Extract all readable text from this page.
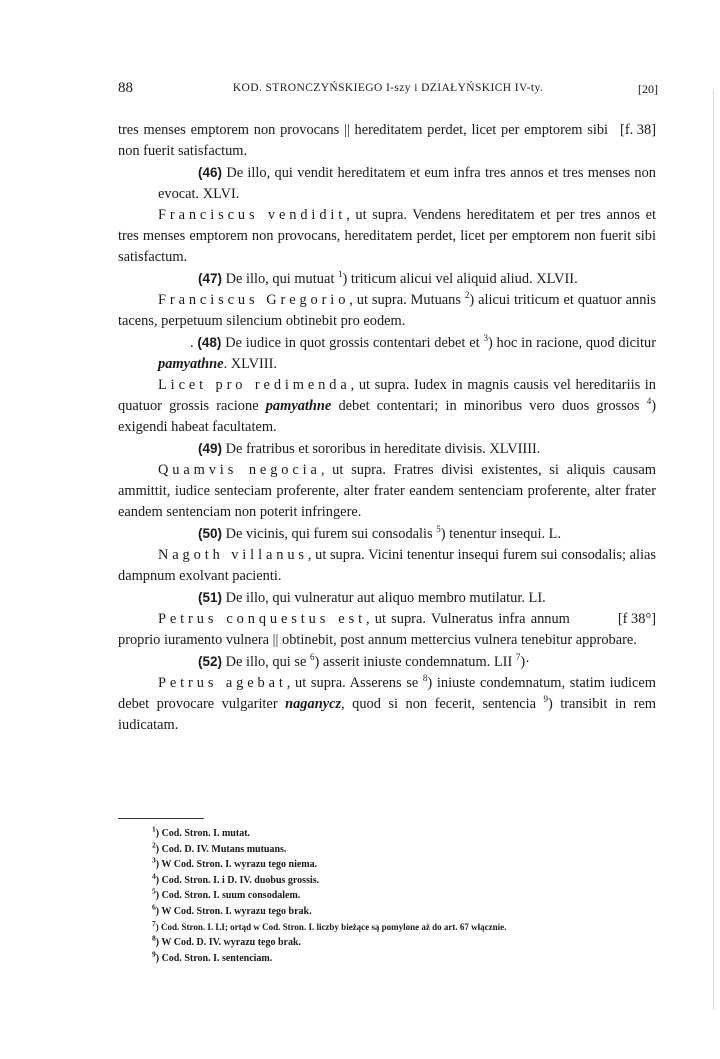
88	KOD. STRONCZYŃSKIEGO I-szy i DZIAŁYŃSKICH IV-ty.	[20]

[f. 38]
tres menses emptorem non provocans || hereditatem perdet, licet per emptorem sibi non fuerit satisfactum.

(46) De illo, qui vendit hereditatem et eum infra tres annos et tres menses non evocat. XLVI.

Franciscus vendidit, ut supra. Vendens hereditatem et per tres annos et tres menses emptorem non provocans, hereditatem perdet, licet per emptorem non fuerit sibi satisfactum.

(47) De illo, qui mutuat $^1$) triticum alicui vel aliquid aliud. XLVII.

Franciscus Gregorio, ut supra. Mutuans $^2$) alicui triticum et quatuor annis tacens, perpetuum silencium obtinebit pro eodem.

. (48) De iudice in quot grossis contentari debet et $^3$) hoc in racione, quod dicitur pamyathne. XLVIII.

Licet pro redimenda, ut supra. Iudex in magnis causis vel hereditariis in quatuor grossis racione pamyathne debet contentari; in minoribus vero duos grossos $^4$) exigendi habeat facultatem.

(49) De fratribus et sororibus in hereditate divisis. XLVIIII.

Quamvis negocia, ut supra. Fratres divisi existentes, si aliquis causam ammittit, iudice senteciam proferente, alter frater eandem sentenciam proferente, alter frater eandem sentenciam non poterit infringere.

(50) De vicinis, qui furem sui consodalis $^5$) tenentur insequi. L.

Nagoth villanus, ut supra. Vicini tenentur insequi furem sui consodalis; alias dampnum exolvant pacienti.

(51) De illo, qui vulneratur aut aliquo membro mutilatur. LI.

[f 38°]
Petrus conquestus est, ut supra. Vulneratus infra annum proprio iuramento vulnera || obtinebit, post annum mettercius vulnera tenebitur approbare.

(52) De illo, qui se $^6$) asserit iniuste condemnatum. LII $^7$)·

Petrus agebat, ut supra. Asserens se $^8$) iniuste condemnatum, statim iudicem debet provocare vulgariter naganycz, quod si non fecerit, sentencia $^9$) transibit in rem iudicatam.

$^1$) Cod. Stron. I. mutat.
$^2$) Cod. D. IV. Mutans mutuans.
$^3$) W Cod. Stron. I. wyrazu tego niema.
$^4$) Cod. Stron. I. i D. IV. duobus grossis.
$^5$) Cod. Stron. I. suum consodalem.
$^6$) W Cod. Stron. I. wyrazu tego brak.
$^7$) Cod. Stron. I. LI; ortąd w Cod. Stron. I. liczby bieżące są pomylone aż do art. 67 włącznie.
$^8$) W Cod. D. IV. wyrazu tego brak.
$^9$) Cod. Stron. I. sentenciam.
